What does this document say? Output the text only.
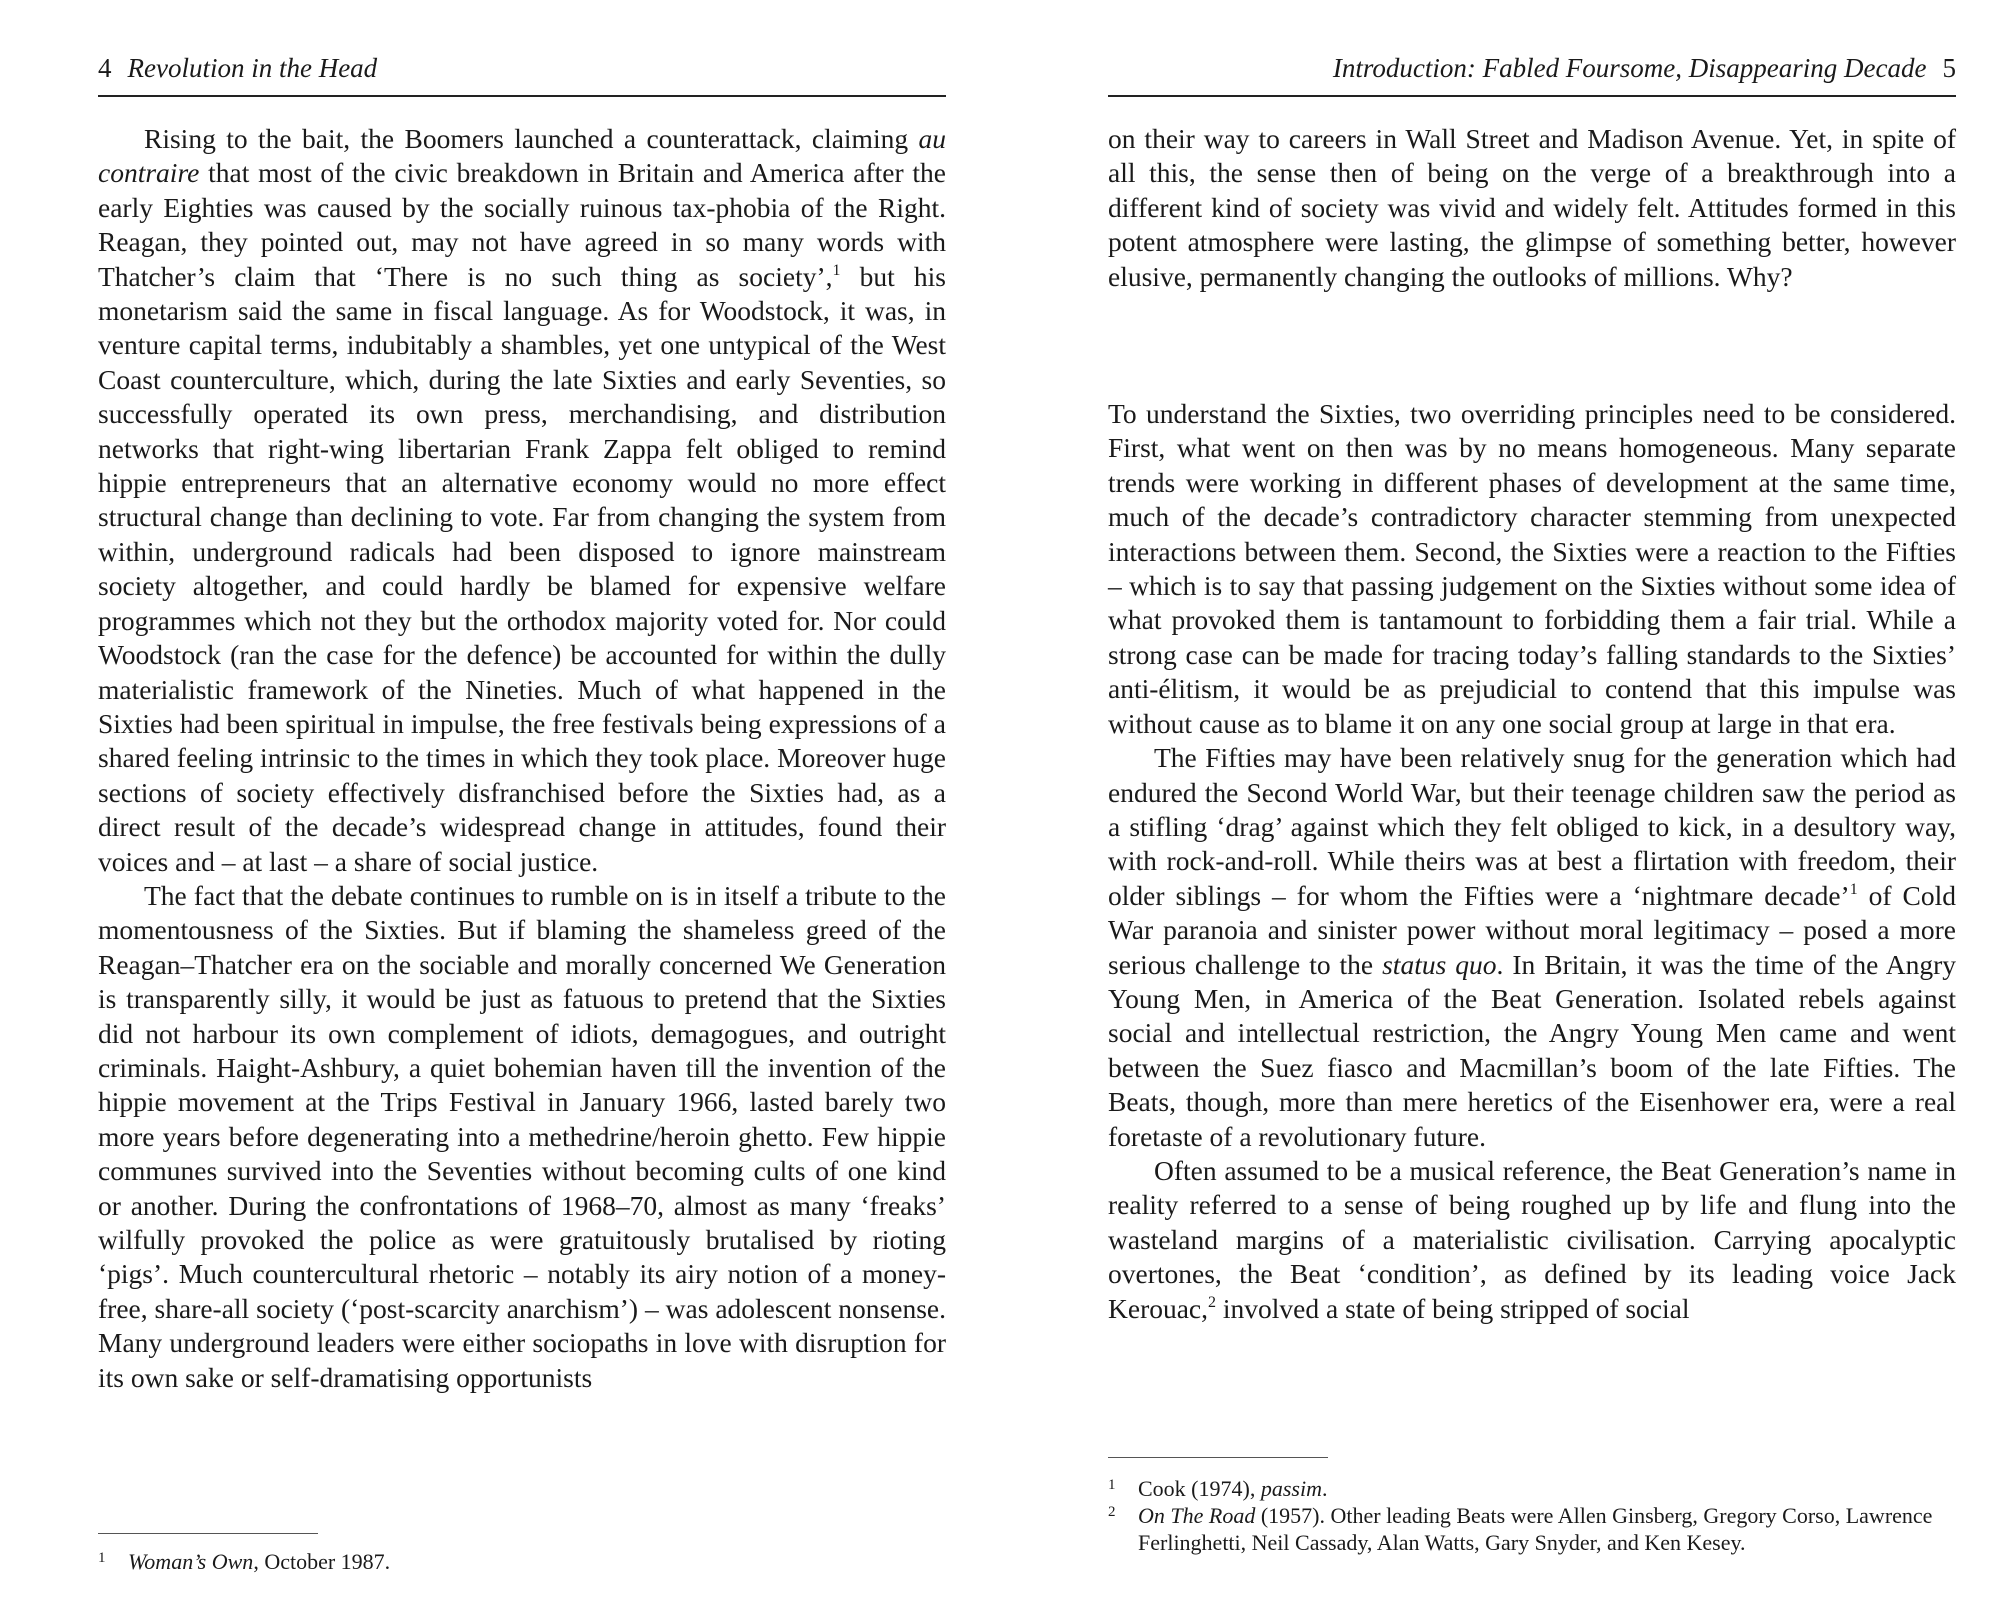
4 Revolution in the Head

Rising to the bait, the Boomers launched a counterattack, claiming au contraire that most of the civic breakdown in Britain and America after the early Eighties was caused by the socially ruinous tax-phobia of the Right. Reagan, they pointed out, may not have agreed in so many words with Thatcher’s claim that ‘There is no such thing as society’,$^1$ but his monetarism said the same in fiscal language. As for Woodstock, it was, in venture capital terms, indubitably a shambles, yet one untypical of the West Coast counterculture, which, during the late Sixties and early Seventies, so successfully operated its own press, merchandising, and distribution networks that right-wing libertarian Frank Zappa felt obliged to remind hippie entrepreneurs that an alternative economy would no more effect structural change than declining to vote. Far from changing the system from within, underground radicals had been disposed to ignore mainstream society altogether, and could hardly be blamed for expensive welfare programmes which not they but the orthodox majority voted for. Nor could Woodstock (ran the case for the defence) be accounted for within the dully materialistic framework of the Nineties. Much of what happened in the Sixties had been spiritual in impulse, the free festivals being expressions of a shared feeling intrinsic to the times in which they took place. Moreover huge sections of society effectively disfranchised before the Sixties had, as a direct result of the decade’s widespread change in attitudes, found their voices and – at last – a share of social justice.

The fact that the debate continues to rumble on is in itself a tribute to the momentousness of the Sixties. But if blaming the shameless greed of the Reagan–Thatcher era on the sociable and morally concerned We Generation is transparently silly, it would be just as fatuous to pretend that the Sixties did not harbour its own complement of idiots, demagogues, and outright criminals. Haight-Ashbury, a quiet bohemian haven till the invention of the hippie movement at the Trips Festival in January 1966, lasted barely two more years before degenerating into a methedrine/heroin ghetto. Few hippie communes survived into the Seventies without becoming cults of one kind or another. During the confrontations of 1968–70, almost as many ‘freaks’ wilfully provoked the police as were gratuitously brutalised by rioting ‘pigs’. Much countercultural rhetoric – notably its airy notion of a money-free, share-all society (‘post-scarcity anarchism’) – was adolescent nonsense. Many underground leaders were either sociopaths in love with disruption for its own sake or self-dramatising opportunists

1 Woman’s Own, October 1987.

Introduction: Fabled Foursome, Disappearing Decade 5

on their way to careers in Wall Street and Madison Avenue. Yet, in spite of all this, the sense then of being on the verge of a breakthrough into a different kind of society was vivid and widely felt. Attitudes formed in this potent atmosphere were lasting, the glimpse of something better, however elusive, permanently changing the outlooks of millions. Why?

To understand the Sixties, two overriding principles need to be considered. First, what went on then was by no means homogeneous. Many separate trends were working in different phases of development at the same time, much of the decade’s contradictory character stemming from unexpected interactions between them. Second, the Sixties were a reaction to the Fifties – which is to say that passing judgement on the Sixties without some idea of what provoked them is tantamount to forbidding them a fair trial. While a strong case can be made for tracing today’s falling standards to the Sixties’ anti-élitism, it would be as prejudicial to contend that this impulse was without cause as to blame it on any one social group at large in that era.

The Fifties may have been relatively snug for the generation which had endured the Second World War, but their teenage children saw the period as a stifling ‘drag’ against which they felt obliged to kick, in a desultory way, with rock-and-roll. While theirs was at best a flirtation with freedom, their older siblings – for whom the Fifties were a ‘nightmare decade’$^1$ of Cold War paranoia and sinister power without moral legitimacy – posed a more serious challenge to the status quo. In Britain, it was the time of the Angry Young Men, in America of the Beat Generation. Isolated rebels against social and intellectual restriction, the Angry Young Men came and went between the Suez fiasco and Macmillan’s boom of the late Fifties. The Beats, though, more than mere heretics of the Eisenhower era, were a real foretaste of a revolutionary future.

Often assumed to be a musical reference, the Beat Generation’s name in reality referred to a sense of being roughed up by life and flung into the wasteland margins of a materialistic civilisation. Carrying apocalyptic overtones, the Beat ‘condition’, as defined by its leading voice Jack Kerouac,$^2$ involved a state of being stripped of social

1 Cook (1974), passim.

2 On The Road (1957). Other leading Beats were Allen Ginsberg, Gregory Corso, Lawrence Ferlinghetti, Neil Cassady, Alan Watts, Gary Snyder, and Ken Kesey.
